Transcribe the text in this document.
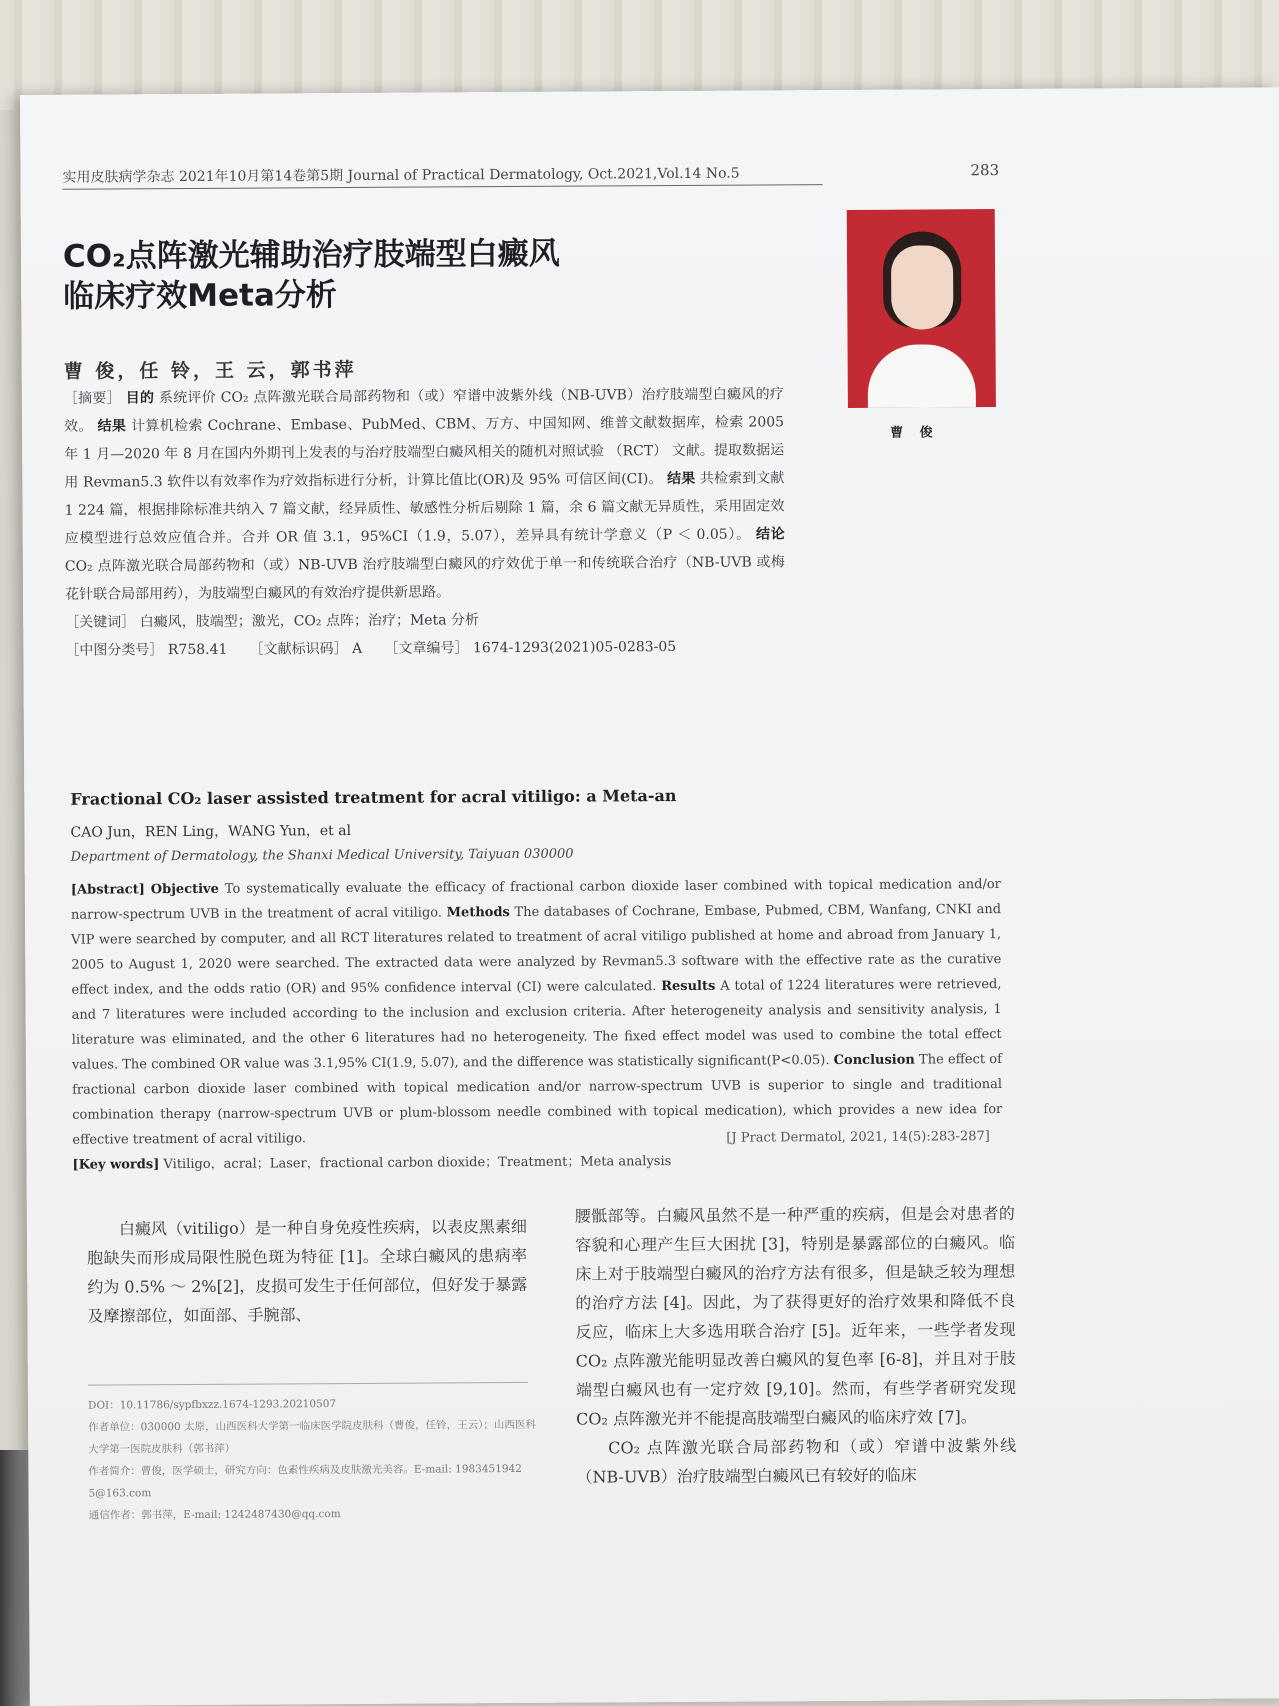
实用皮肤病学杂志 2021年10月第14卷第5期 Journal of Practical Dermatology, Oct.2021,Vol.14 No.5	283
CO₂点阵激光辅助治疗肢端型白癜风
临床疗效Meta分析
曹 俊，任 铃，王 云，郭书萍
曹 俊
［摘要］ 目的 系统评价 CO₂ 点阵激光联合局部药物和（或）窄谱中波紫外线（NB-UVB）治疗肢端型白癜风的疗效。 结果 计算机检索 Cochrane、Embase、PubMed、CBM、万方、中国知网、维普文献数据库，检索 2005 年 1 月—2020 年 8 月在国内外期刊上发表的与治疗肢端型白癜风相关的随机对照试验 （RCT） 文献。提取数据运用 Revman5.3 软件以有效率作为疗效指标进行分析，计算比值比(OR)及 95% 可信区间(CI)。 结果 共检索到文献 1 224 篇，根据排除标准共纳入 7 篇文献，经异质性、敏感性分析后剔除 1 篇，余 6 篇文献无异质性，采用固定效应模型进行总效应值合并。合并 OR 值 3.1，95%CI（1.9，5.07），差异具有统计学意义（P ＜ 0.05）。 结论 CO₂ 点阵激光联合局部药物和（或）NB-UVB 治疗肢端型白癜风的疗效优于单一和传统联合治疗（NB-UVB 或梅花针联合局部用药），为肢端型白癜风的有效治疗提供新思路。
［关键词］ 白癜风，肢端型；激光，CO₂ 点阵；治疗；Meta 分析
［中图分类号］ R758.41 ［文献标识码］ A ［文章编号］ 1674-1293(2021)05-0283-05
Fractional CO₂ laser assisted treatment for acral vitiligo: a Meta-an
CAO Jun，REN Ling，WANG Yun，et al
Department of Dermatology, the Shanxi Medical University, Taiyuan 030000
[Abstract] Objective To systematically evaluate the efficacy of fractional carbon dioxide laser combined with topical medication and/or narrow-spectrum UVB in the treatment of acral vitiligo. Methods The databases of Cochrane, Embase, Pubmed, CBM, Wanfang, CNKI and VIP were searched by computer, and all RCT literatures related to treatment of acral vitiligo published at home and abroad from January 1, 2005 to August 1, 2020 were searched. The extracted data were analyzed by Revman5.3 software with the effective rate as the curative effect index, and the odds ratio (OR) and 95% confidence interval (CI) were calculated. Results A total of 1224 literatures were retrieved, and 7 literatures were included according to the inclusion and exclusion criteria. After heterogeneity analysis and sensitivity analysis, 1 literature was eliminated, and the other 6 literatures had no heterogeneity. The fixed effect model was used to combine the total effect values. The combined OR value was 3.1,95% CI(1.9, 5.07), and the difference was statistically significant(P<0.05). Conclusion The effect of fractional carbon dioxide laser combined with topical medication and/or narrow-spectrum UVB is superior to single and traditional combination therapy (narrow-spectrum UVB or plum-blossom needle combined with topical medication), which provides a new idea for effective treatment of acral vitiligo.
[Key words] Vitiligo，acral；Laser，fractional carbon dioxide；Treatment；Meta analysis
[J Pract Dermatol, 2021, 14(5):283-287]
白癜风（vitiligo）是一种自身免疫性疾病，以表皮黑素细胞缺失而形成局限性脱色斑为特征 [1]。全球白癜风的患病率约为 0.5% ～ 2%[2]，皮损可发生于任何部位，但好发于暴露及摩擦部位，如面部、手腕部、
腰骶部等。白癜风虽然不是一种严重的疾病，但是会对患者的容貌和心理产生巨大困扰 [3]，特别是暴露部位的白癜风。临床上对于肢端型白癜风的治疗方法有很多，但是缺乏较为理想的治疗方法 [4]。因此，为了获得更好的治疗效果和降低不良反应，临床上大多选用联合治疗 [5]。近年来，一些学者发现 CO₂ 点阵激光能明显改善白癜风的复色率 [6-8]，并且对于肢端型白癜风也有一定疗效 [9,10]。然而，有些学者研究发现 CO₂ 点阵激光并不能提高肢端型白癜风的临床疗效 [7]。
CO₂ 点阵激光联合局部药物和（或）窄谱中波紫外线（NB-UVB）治疗肢端型白癜风已有较好的临床
DOI：10.11786/sypfbxzz.1674-1293.20210507
作者单位：030000 太原，山西医科大学第一临床医学院皮肤科（曹俊，任铃，王云）；山西医科大学第一医院皮肤科（郭书萍）
作者简介：曹俊，医学硕士，研究方向：色素性疾病及皮肤激光美容。E-mail: 1983451942​5@163.com
通信作者：郭书萍，E-mail: 1242487430@qq.com
